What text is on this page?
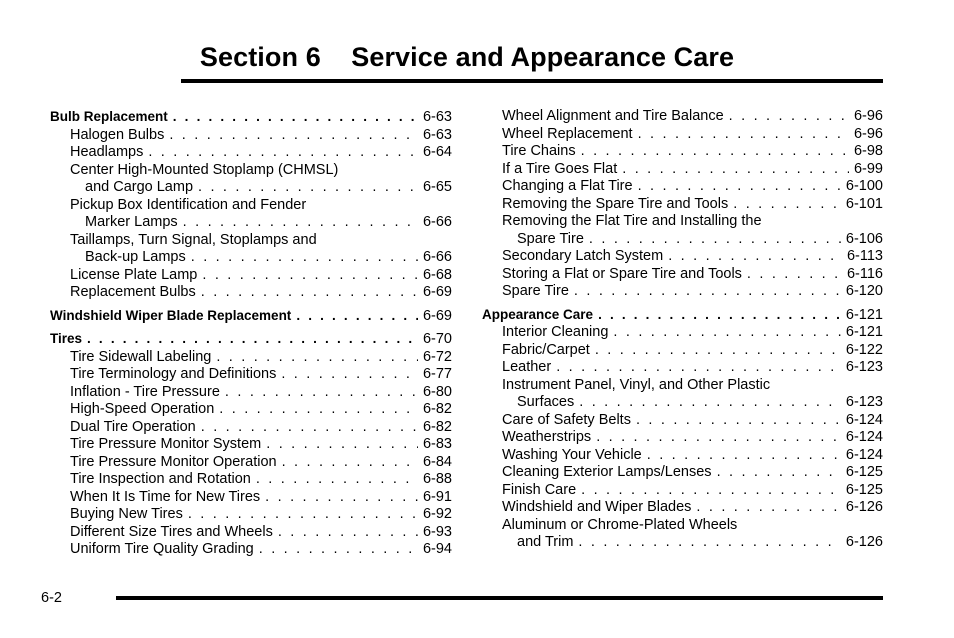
Section 6    Service and Appearance Care
Bulb Replacement . . .	6-63
Halogen Bulbs . . .	6-63
Headlamps . . .	6-64
Center High-Mounted Stoplamp (CHMSL)
and Cargo Lamp . . .	6-65
Pickup Box Identification and Fender
Marker Lamps . . .	6-66
Taillamps, Turn Signal, Stoplamps and
Back-up Lamps . . .	6-66
License Plate Lamp . . .	6-68
Replacement Bulbs . . .	6-69
Windshield Wiper Blade Replacement . . .	6-69
Tires . . .	6-70
Tire Sidewall Labeling . . .	6-72
Tire Terminology and Definitions . . .	6-77
Inflation - Tire Pressure . . .	6-80
High-Speed Operation . . .	6-82
Dual Tire Operation . . .	6-82
Tire Pressure Monitor System . . .	6-83
Tire Pressure Monitor Operation . . .	6-84
Tire Inspection and Rotation . . .	6-88
When It Is Time for New Tires . . .	6-91
Buying New Tires . . .	6-92
Different Size Tires and Wheels . . .	6-93
Uniform Tire Quality Grading . . .	6-94
Wheel Alignment and Tire Balance . . .	6-96
Wheel Replacement . . .	6-96
Tire Chains . . .	6-98
If a Tire Goes Flat . . .	6-99
Changing a Flat Tire . . .	6-100
Removing the Spare Tire and Tools . . .	6-101
Removing the Flat Tire and Installing the
Spare Tire . . .	6-106
Secondary Latch System . . .	6-113
Storing a Flat or Spare Tire and Tools . . .	6-116
Spare Tire . . .	6-120
Appearance Care . . .	6-121
Interior Cleaning . . .	6-121
Fabric/Carpet . . .	6-122
Leather . . .	6-123
Instrument Panel, Vinyl, and Other Plastic
Surfaces . . .	6-123
Care of Safety Belts . . .	6-124
Weatherstrips . . .	6-124
Washing Your Vehicle . . .	6-124
Cleaning Exterior Lamps/Lenses . . .	6-125
Finish Care . . .	6-125
Windshield and Wiper Blades . . .	6-126
Aluminum or Chrome-Plated Wheels
and Trim . . .	6-126
6-2
